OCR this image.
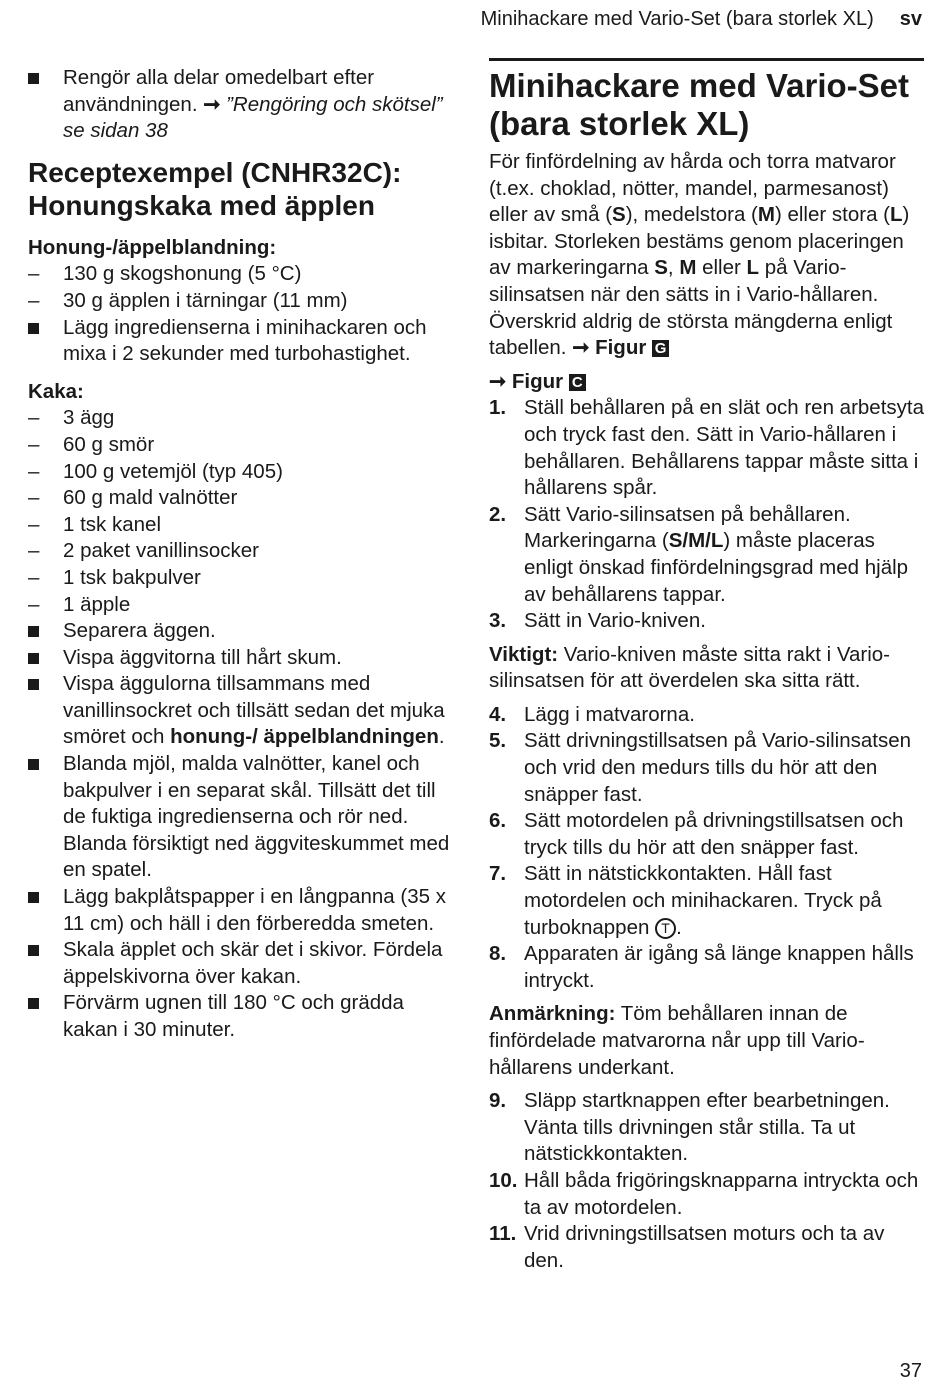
Minihackare med Vario-Set (bara storlek XL) sv
Rengör alla delar omedelbart efter användningen. ➞ ”Rengöring och skötsel” se sidan 38
Receptexempel (CNHR32C): Honungskaka med äpplen
Honung-/äppelblandning:
– 130 g skogshonung (5 °C)
– 30 g äpplen i tärningar (11 mm)
Lägg ingredienserna i minihackaren och mixa i 2 sekunder med turbohastighet.
Kaka:
– 3 ägg
– 60 g smör
– 100 g vetemjöl (typ 405)
– 60 g mald valnötter
– 1 tsk kanel
– 2 paket vanillinsocker
– 1 tsk bakpulver
– 1 äpple
Separera äggen.
Vispa äggvitorna till hårt skum.
Vispa äggulorna tillsammans med vanillinsockret och tillsätt sedan det mjuka smöret och honung-/ äppelblandningen.
Blanda mjöl, malda valnötter, kanel och bakpulver i en separat skål. Tillsätt det till de fuktiga ingredienserna och rör ned. Blanda försiktigt ned äggviteskummet med en spatel.
Lägg bakplåtspapper i en långpanna (35 x 11 cm) och häll i den förberedda smeten.
Skala äpplet och skär det i skivor. Fördela äppelskivorna över kakan.
Förvärm ugnen till 180 °C och grädda kakan i 30 minuter.
Minihackare med Vario-Set (bara storlek XL)

För finfördelning av hårda och torra matvaror (t.ex. choklad, nötter, mandel, parmesanost) eller av små (S), medelstora (M) eller stora (L) isbitar. Storleken bestäms genom placeringen av markeringarna S, M eller L på Vario-silinsatsen när den sätts in i Vario-hållaren.

Överskrid aldrig de största mängderna enligt tabellen. ➞ Figur G

➞ Figur C
1. Ställ behållaren på en slät och ren arbetsyta och tryck fast den. Sätt in Vario-hållaren i behållaren. Behållarens tappar måste sitta i hållarens spår.
2. Sätt Vario-silinsatsen på behållaren. Markeringarna (S/M/L) måste placeras enligt önskad finfördelningsgrad med hjälp av behållarens tappar.
3. Sätt in Vario-kniven.

Viktigt: Vario-kniven måste sitta rakt i Vario-silinsatsen för att överdelen ska sitta rätt.

4. Lägg i matvarorna.
5. Sätt drivningstillsatsen på Vario-silinsatsen och vrid den medurs tills du hör att den snäpper fast.
6. Sätt motordelen på drivningstillsatsen och tryck tills du hör att den snäpper fast.
7. Sätt in nätstickkontakten. Håll fast motordelen och minihackaren. Tryck på turboknappen T .
8. Apparaten är igång så länge knappen hålls intryckt.

Anmärkning: Töm behållaren innan de finfördelade matvarorna når upp till Vario-hållarens underkant.

9. Släpp startknappen efter bearbetningen. Vänta tills drivningen står stilla. Ta ut nätstickkontakten.
10. Håll båda frigöringsknapparna intryckta och ta av motordelen.
11. Vrid drivningstillsatsen moturs och ta av den.
37
